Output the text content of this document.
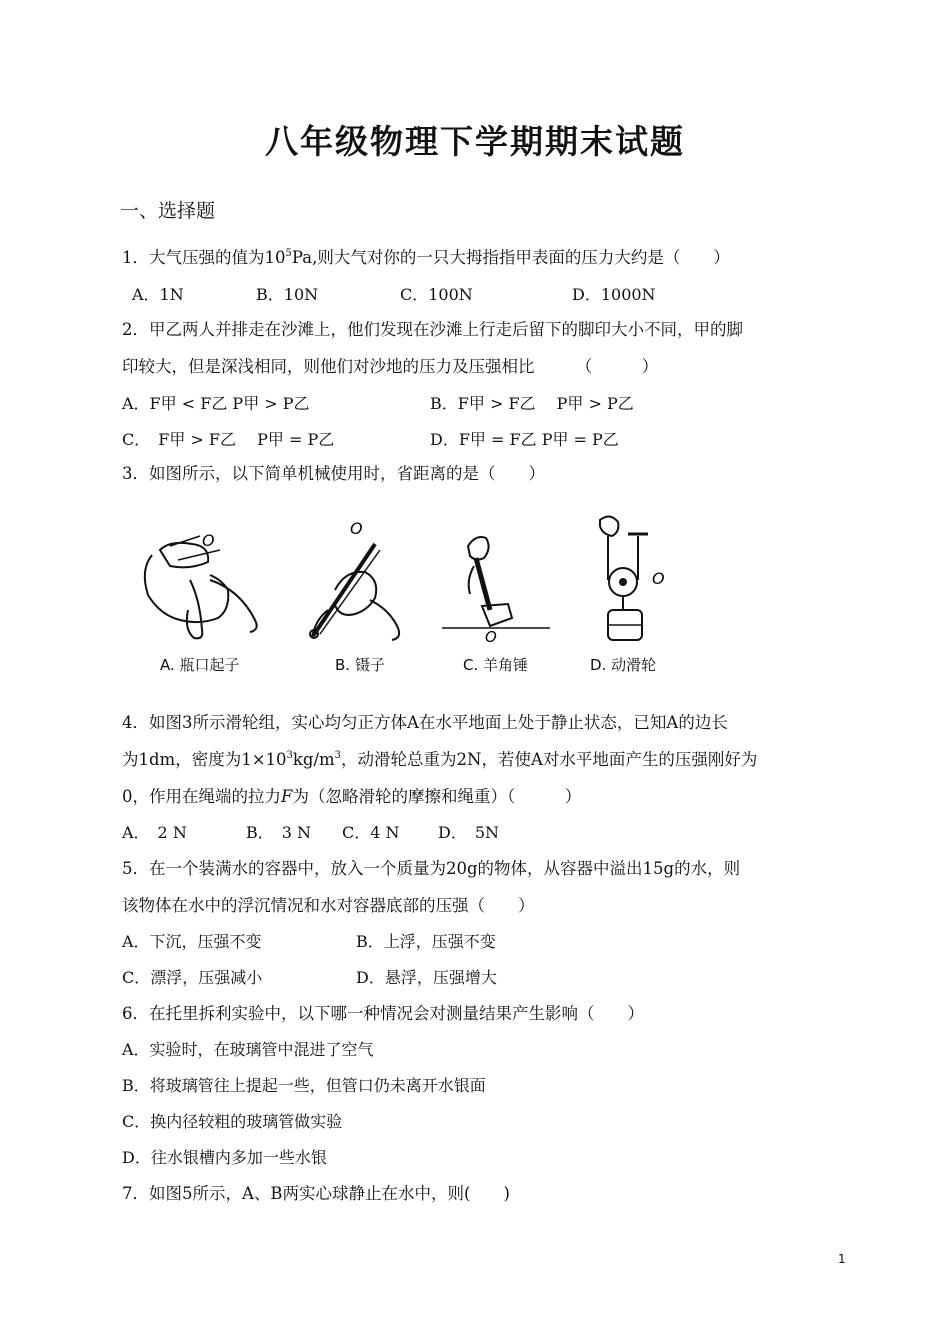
八年级物理下学期期末试题
一、选择题
1．大气压强的值为$10^5Pa$,则大气对你的一只大拇指指甲表面的压力大约是（　　）
A．1N	B．10N	C．100N	D．1000N
2．甲乙两人并排走在沙滩上，他们发现在沙滩上行走后留下的脚印大小不同，甲的脚
印较大，但是深浅相同，则他们对沙地的压力及压强相比　　　（　　　）
A．F甲 < F乙 P甲 > P乙	B．F甲 > F乙 　P甲 > P乙
C．　F甲 > F乙 　P甲 = P乙	D．F甲 = F乙 P甲 = P乙
3．如图所示，以下简单机械使用时，省距离的是（　　）
O
O
O
O
A. 瓶口起子	B. 镊子	C. 羊角锤	D. 动滑轮
4．如图3所示滑轮组，实心均匀正方体A在水平地面上处于静止状态，已知A的边长
为1dm，密度为$1\times 10^3kg/m^3$，动滑轮总重为2N，若使A对水平地面产生的压强刚好为
0，作用在绳端的拉力F为（忽略滑轮的摩擦和绳重）（　　　）
A．　2 N	B．　3 N C．4 N D．　5N
5．在一个装满水的容器中，放入一个质量为20g的物体，从容器中溢出15g的水，则
该物体在水中的浮沉情况和水对容器底部的压强（　　）
A．下沉，压强不变	B．上浮，压强不变
C．漂浮，压强减小	D．悬浮，压强增大
6．在托里拆利实验中，以下哪一种情况会对测量结果产生影响（　　）
A．实验时，在玻璃管中混进了空气
B．将玻璃管往上提起一些，但管口仍未离开水银面
C．换内径较粗的玻璃管做实验
D．往水银槽内多加一些水银
7．如图5所示，A、B两实心球静止在水中，则(　　)
1
